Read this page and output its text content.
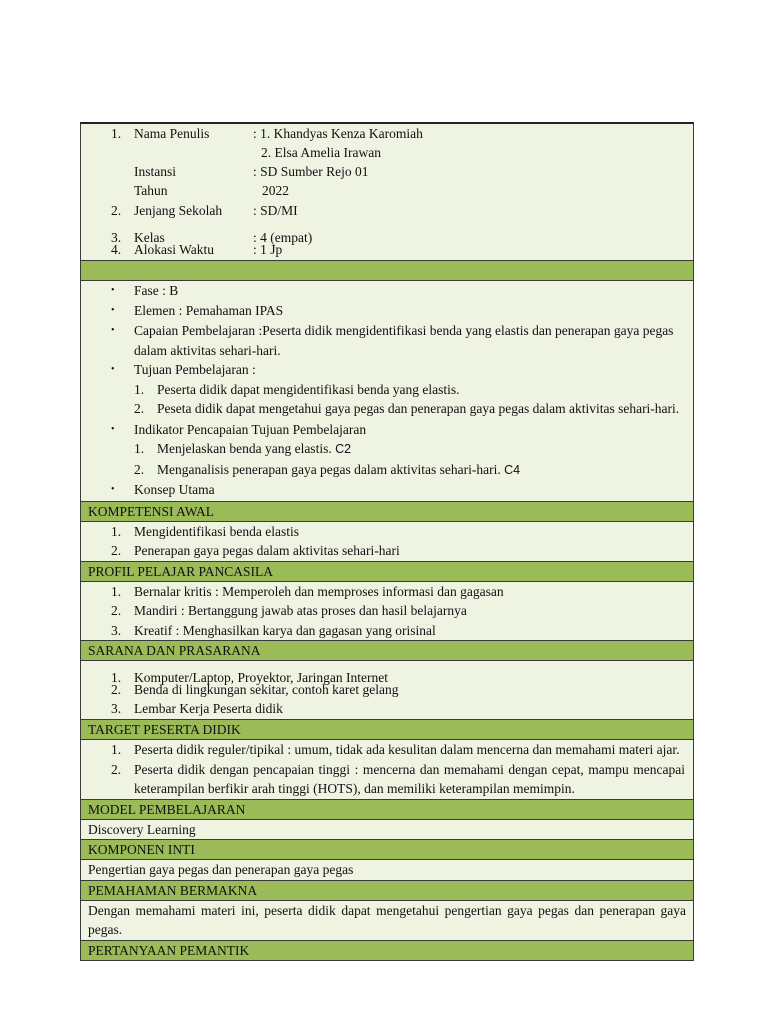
1. Nama Penulis	: 1. Khandyas Kenza Karomiah
2. Elsa Amelia Irawan
Instansi	: SD Sumber Rejo 01
Tahun	2022
2. Jenjang Sekolah : SD/MI
3. Kelas	: 4 (empat)
4. Alokasi Waktu	: 1 Jp
• Fase : B
• Elemen : Pemahaman IPAS
• Capaian Pembelajaran :Peserta didik mengidentifikasi benda yang elastis dan penerapan gaya pegas dalam aktivitas sehari-hari.
• Tujuan Pembelajaran :
1. Peserta didik dapat mengidentifikasi benda yang elastis.
2. Peseta didik dapat mengetahui gaya pegas dan penerapan gaya pegas dalam aktivitas sehari-hari.
• Indikator Pencapaian Tujuan Pembelajaran
1. Menjelaskan benda yang elastis. C2
2. Menganalisis penerapan gaya pegas dalam aktivitas sehari-hari. C4
• Konsep Utama
KOMPETENSI AWAL
1. Mengidentifikasi benda elastis
2. Penerapan gaya pegas dalam aktivitas sehari-hari
PROFIL PELAJAR PANCASILA
1. Bernalar kritis : Memperoleh dan memproses informasi dan gagasan
2. Mandiri : Bertanggung jawab atas proses dan hasil belajarnya
3. Kreatif : Menghasilkan karya dan gagasan yang orisinal
SARANA DAN PRASARANA
1. Komputer/Laptop, Proyektor, Jaringan Internet
2. Benda di lingkungan sekitar, contoh karet gelang
3. Lembar Kerja Peserta didik
TARGET PESERTA DIDIK
1. Peserta didik reguler/tipikal : umum, tidak ada kesulitan dalam mencerna dan memahami materi ajar.
2. Peserta didik dengan pencapaian tinggi : mencerna dan memahami dengan cepat, mampu mencapai keterampilan berfikir arah tinggi (HOTS), dan memiliki keterampilan memimpin.
MODEL PEMBELAJARAN
Discovery Learning
KOMPONEN INTI
Pengertian gaya pegas dan penerapan gaya pegas
PEMAHAMAN BERMAKNA
Dengan memahami materi ini, peserta didik dapat mengetahui pengertian gaya pegas dan penerapan gaya pegas.
PERTANYAAN PEMANTIK
